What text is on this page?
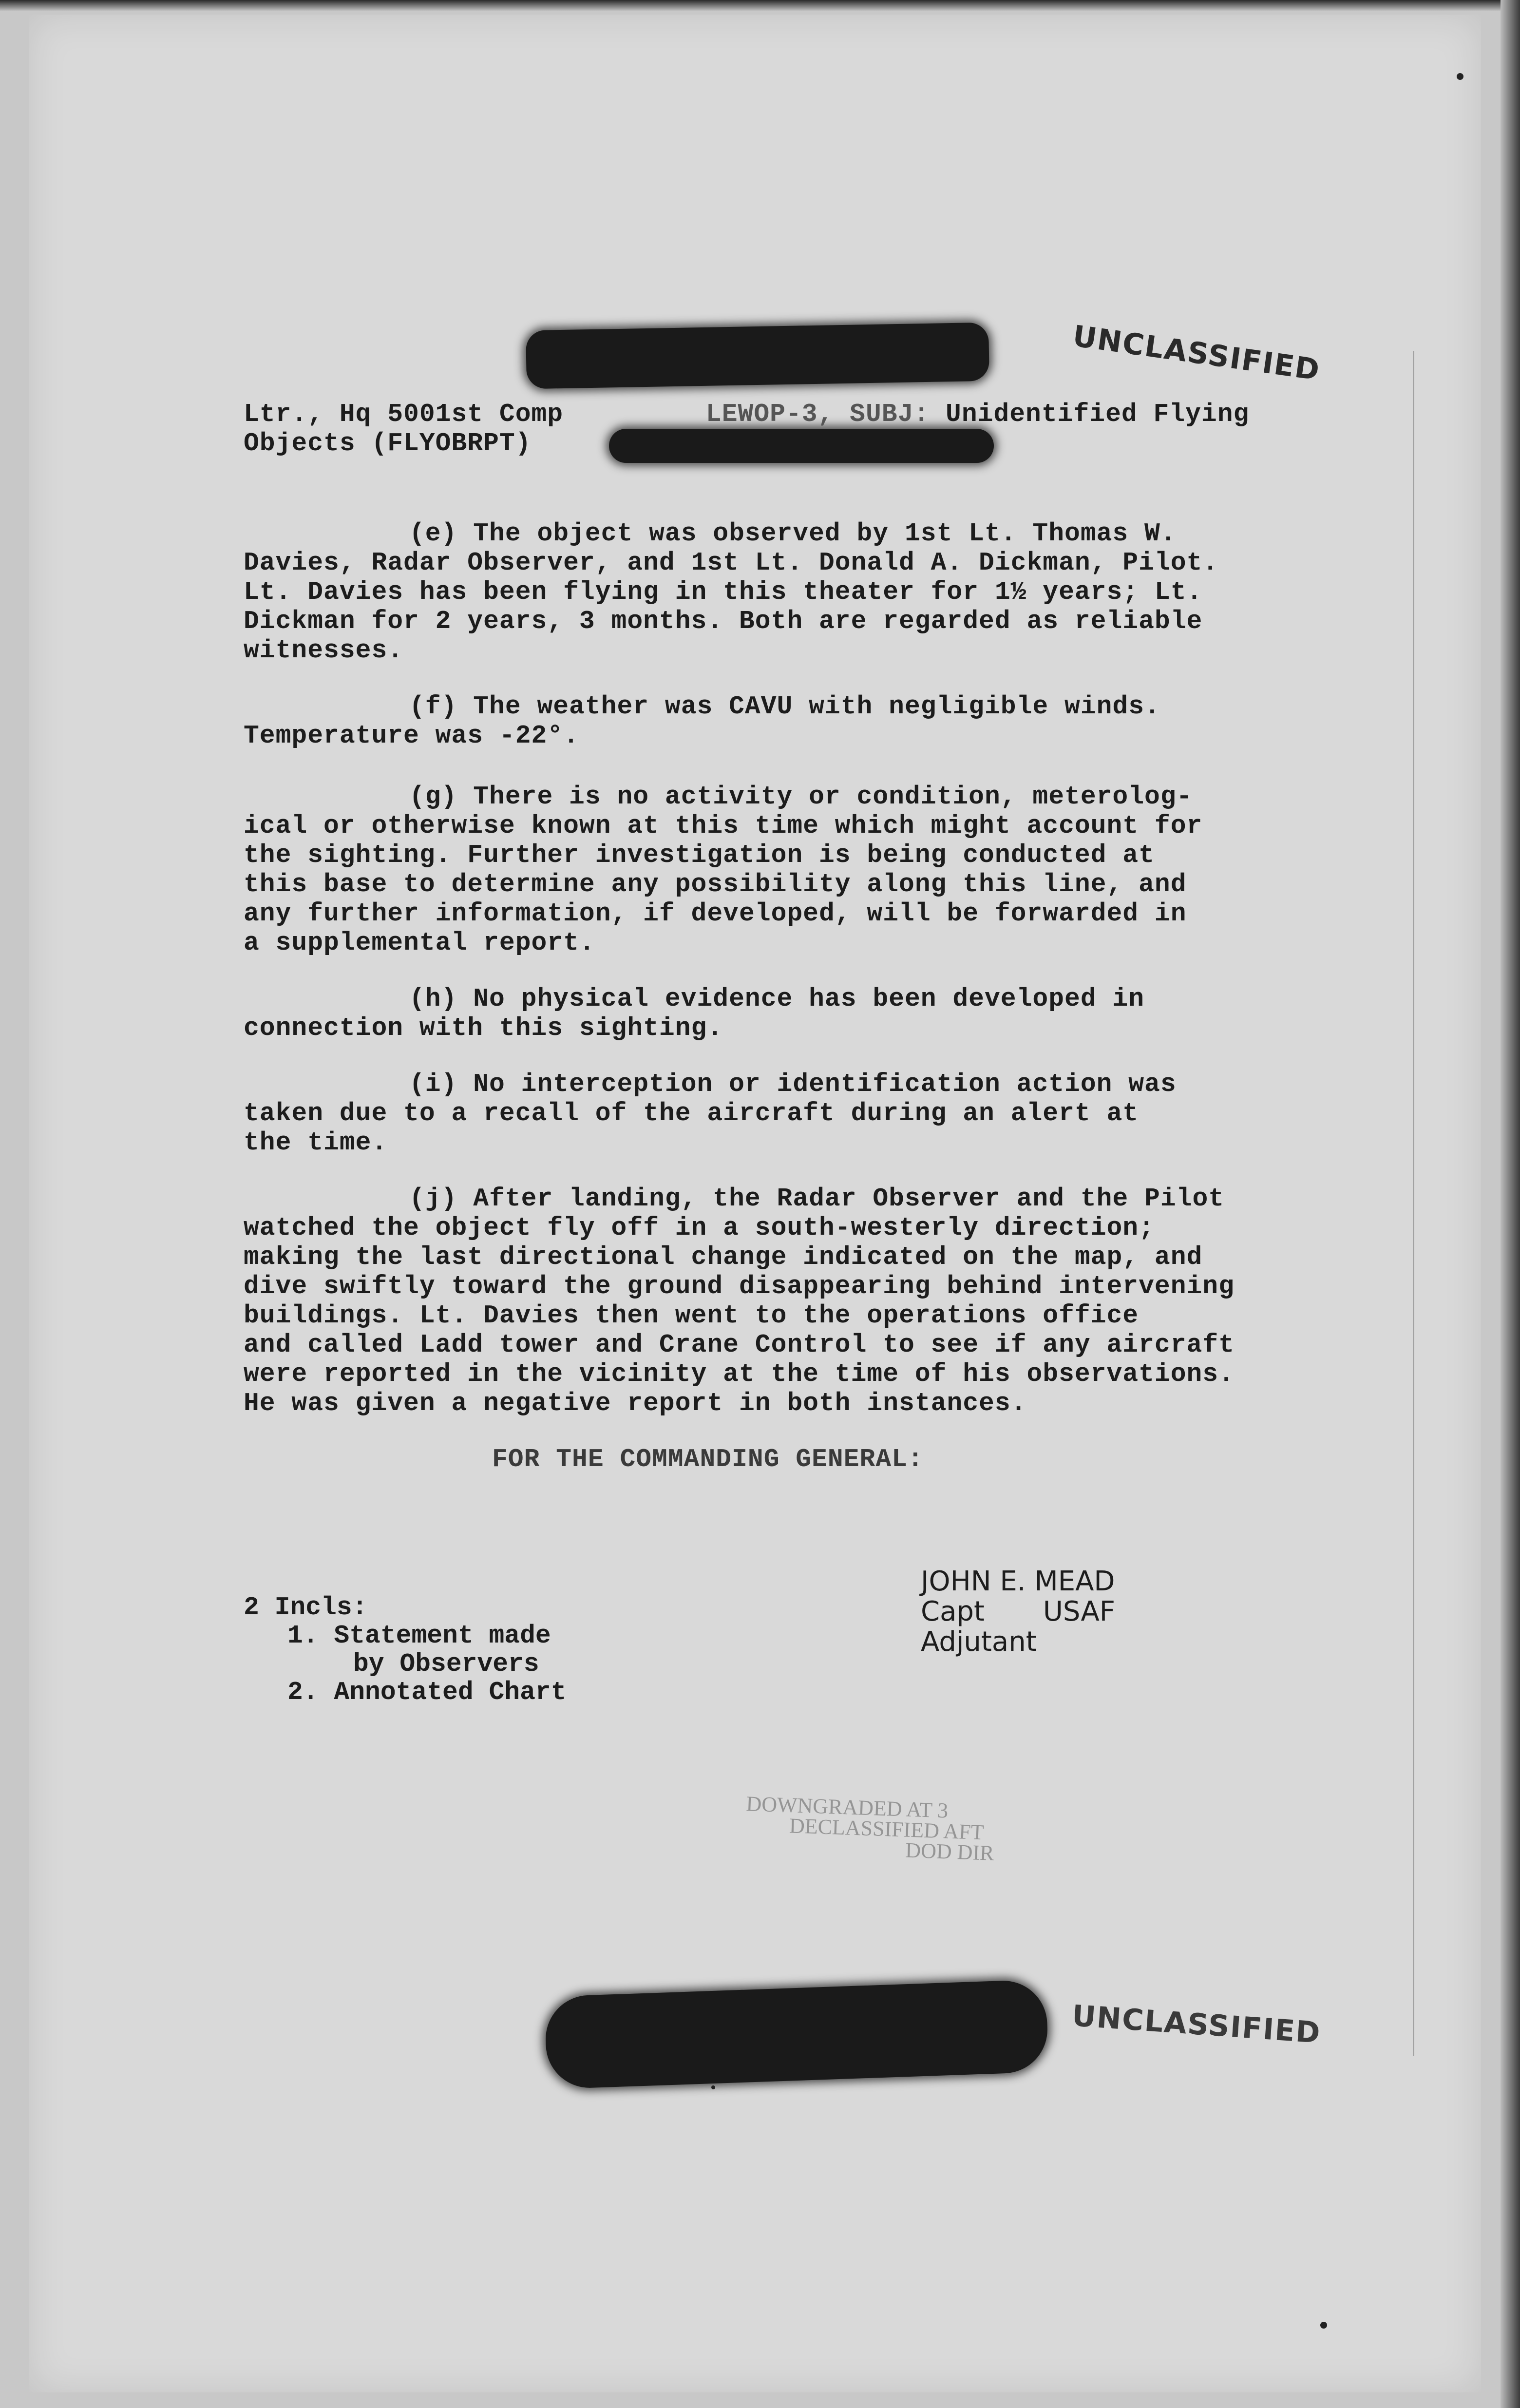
UNCLASSIFIED
Ltr., Hq 5001st Comp	LEWOP-3, SUBJ: Unidentified Flying
Objects (FLYOBRPT)
(e) The object was observed by 1st Lt. Thomas W.
Davies, Radar Observer, and 1st Lt. Donald A. Dickman, Pilot.
Lt. Davies has been flying in this theater for 1½ years; Lt.
Dickman for 2 years, 3 months. Both are regarded as reliable
witnesses.
(f) The weather was CAVU with negligible winds.
Temperature was -22°.
(g) There is no activity or condition, meterolog-
ical or otherwise known at this time which might account for
the sighting. Further investigation is being conducted at
this base to determine any possibility along this line, and
any further information, if developed, will be forwarded in
a supplemental report.
(h) No physical evidence has been developed in
connection with this sighting.
(i) No interception or identification action was
taken due to a recall of the aircraft during an alert at
the time.
(j) After landing, the Radar Observer and the Pilot
watched the object fly off in a south-westerly direction;
making the last directional change indicated on the map, and
dive swiftly toward the ground disappearing behind intervening
buildings. Lt. Davies then went to the operations office
and called Ladd tower and Crane Control to see if any aircraft
were reported in the vicinity at the time of his observations.
He was given a negative report in both instances.
FOR THE COMMANDING GENERAL:
JOHN E. MEAD
Capt USAF
Adjutant
2 Incls:
1. Statement made
by Observers
2. Annotated Chart
DOWNGRADED AT 3
DECLASSIFIED AFT
DOD DIR
UNCLASSIFIED
